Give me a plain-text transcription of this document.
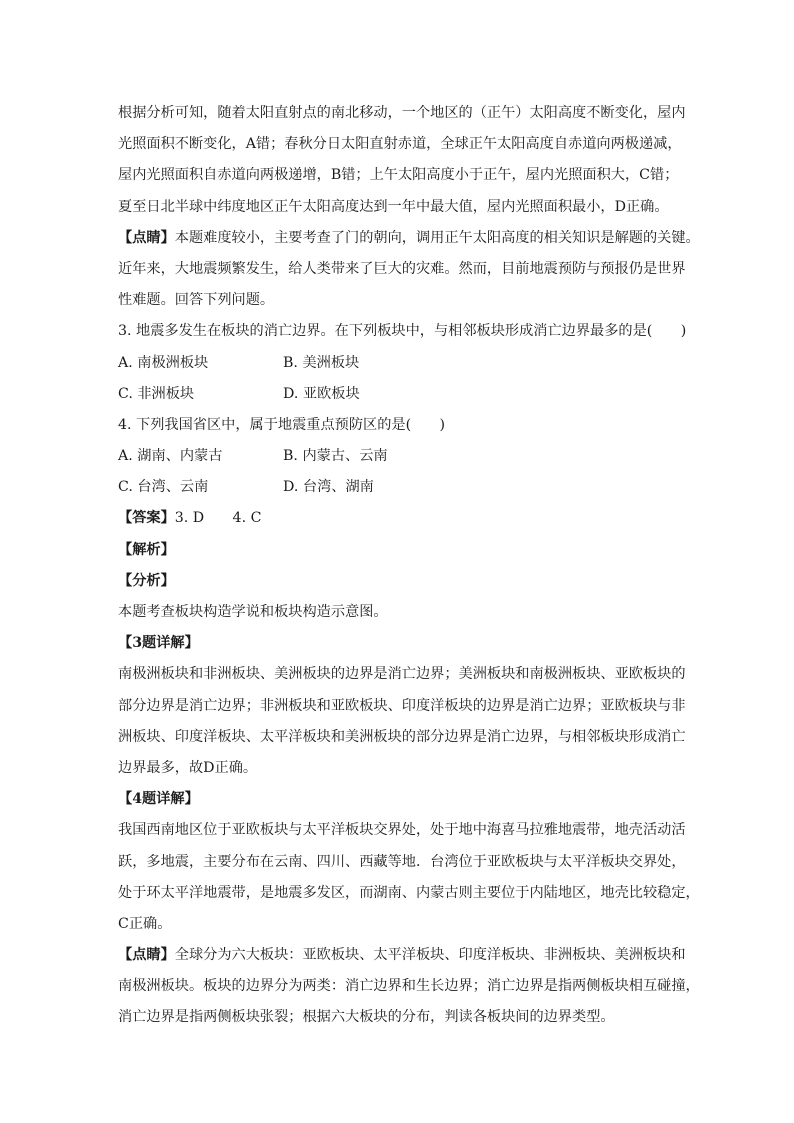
根据分析可知，随着太阳直射点的南北移动，一个地区的（正午）太阳高度不断变化，屋内
光照面积不断变化，A错；春秋分日太阳直射赤道，全球正午太阳高度自赤道向两极递减，
屋内光照面积自赤道向两极递增，B错；上午太阳高度小于正午，屋内光照面积大，C错；
夏至日北半球中纬度地区正午太阳高度达到一年中最大值，屋内光照面积最小，D正确。
【点睛】本题难度较小，主要考查了门的朝向，调用正午太阳高度的相关知识是解题的关键。
近年来，大地震频繁发生，给人类带来了巨大的灾难。然而，目前地震预防与预报仍是世界
性难题。回答下列问题。
3. 地震多发生在板块的消亡边界。在下列板块中，与相邻板块形成消亡边界最多的是(　　)
A. 南极洲板块	B. 美洲板块
C. 非洲板块	D. 亚欧板块
4. 下列我国省区中，属于地震重点预防区的是(　　)
A. 湖南、内蒙古	B. 内蒙古、云南
C. 台湾、云南	D. 台湾、湖南
【答案】3. D　　4. C
【解析】
【分析】
本题考查板块构造学说和板块构造示意图。
【3题详解】
南极洲板块和非洲板块、美洲板块的边界是消亡边界；美洲板块和南极洲板块、亚欧板块的
部分边界是消亡边界；非洲板块和亚欧板块、印度洋板块的边界是消亡边界；亚欧板块与非
洲板块、印度洋板块、太平洋板块和美洲板块的部分边界是消亡边界，与相邻板块形成消亡
边界最多，故D正确。
【4题详解】
我国西南地区位于亚欧板块与太平洋板块交界处，处于地中海喜马拉雅地震带，地壳活动活
跃，多地震，主要分布在云南、四川、西藏等地．台湾位于亚欧板块与太平洋板块交界处，
处于环太平洋地震带，是地震多发区，而湖南、内蒙古则主要位于内陆地区，地壳比较稳定，
C正确。
【点睛】全球分为六大板块：亚欧板块、太平洋板块、印度洋板块、非洲板块、美洲板块和
南极洲板块。板块的边界分为两类：消亡边界和生长边界；消亡边界是指两侧板块相互碰撞，
消亡边界是指两侧板块张裂；根据六大板块的分布，判读各板块间的边界类型。
